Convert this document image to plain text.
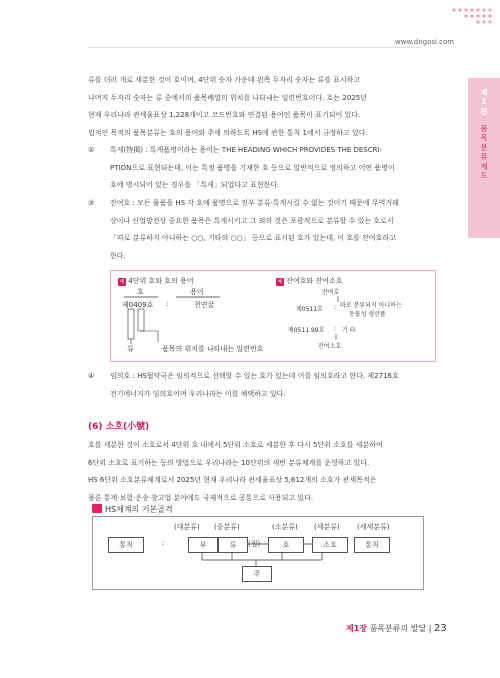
www.dngosi.com
제 1 편
품목분류 제도
류를 더러 개로 세분한 것이 호이며, 4단위 숫자 가운데 왼쪽 두자리 숫자는 류를 표시하고
나머지 두자리 숫자는 류 중에서의 품목배열의 위치를 나타내는 일련번호이다. 호는 2025년
현재 우리나라 관세율표상 1,228개이고 코드번호와 연결된 용어인 품목이 표기되어 있다.
법적인 목적의 품목분류는 호의 용어와 주에 의하도록 HS에 관한 통칙 1에서 규정하고 있다.
② 특게(特揭) : 특게품명이라는 용어는 THE HEADING WHICH PROVIDES THE DESCRI-
PTION으로 표현되는데, 이는 특정 품명을 기재한 호 등으로 일반적으로 정의하고 어떤 품명이
호에 명시되어 있는 경우를 「특게」되었다고 표현한다.
③ 잔여호 : 모든 물품을 HS 각 호에 품명으로 전부 분류·특게시킬 수 없는 것이기 때문에 무역거래
상이나 산업발전상 중요한 품목은 특게시키고 그 외의 것은 포괄적으로 분류할 수 있는 호로서
「따로 분류하지 아니하는 ○○, 기타의 ○○」 등으로 표시된 호가 있는데, 이 호를 잔여호라고
한다.
예 4단위 호와 호의 용어
호	용어
제0409호 :	천연꿀
류	품목의 위치를 나타내는 일련번호
예 잔여호와 잔여소호
잔여호
제0511호 : 따로 분류되지 아니하는
동물성 생산품
제0511.99호 : 기 타
잔여소호
④ 임의호 : HS협약국은 임의적으로 선택할 수 있는 호가 있는데 이를 임의호라고 한다. 제2716호
전기에너지가 임의호이며 우리나라는 이를 채택하고 있다.
(6) 소호(小號)
호를 세분한 것이 소호로서 4단위 호 내에서 5단위 소호로 세분한 후 다시 5단위 소호를 세분하여
6단위 소호로 표기하는 등의 방법으로 우리나라는 10단위의 세번 분류체계를 운영하고 있다.
HS 6단위 소호분류체계로서 2025년 현재 우리나라 관세율표상 5,612개의 소호가 관세목적은
물론 통계·보험·운송·창고업 분야에도 국제적으로 공통으로 사용되고 있다.
HS체계의 기본골격
(대분류) (중분류)	(소분류) (세분류) (세세분류)
통칙	:	부	류	(절)	호	소호	통칙
주
제1장 품목분류의 발달 | 23
